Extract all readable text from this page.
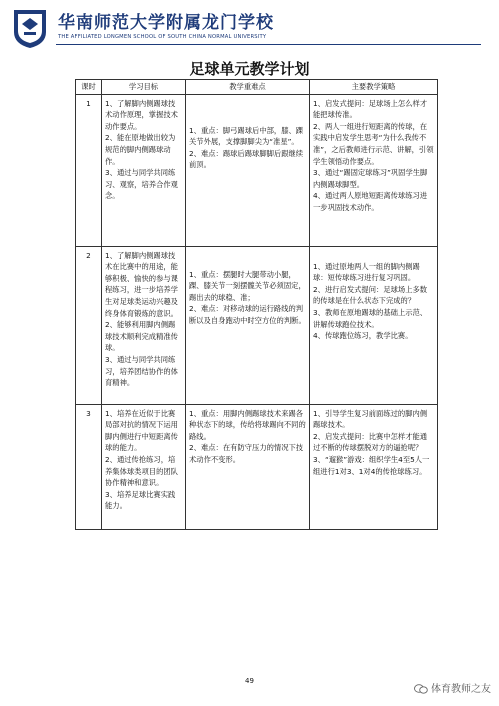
华南师范大学附属龙门学校
THE AFFILIATED LONGMEN SCHOOL OF SOUTH CHINA NORMAL UNIVERSITY
足球单元教学计划
课时	学习目标	教学重难点	主要教学策略
1	1、了解脚内侧踢球技术动作原理，掌握技术动作要点。
2、能在原地做出较为规范的脚内侧踢球动作。
3、通过与同学共同练习、观察，培养合作观念。	1、重点：脚弓踢球后中部，膝、踝关节外展，支撑脚脚尖为“准星”。
2、难点：踢球后踢球脚脚后跟继续前顶。	1、启发式提问：足球场上怎么样才能把球传准。
2、两人一组进行短距离的传球，在实践中启发学生思考“为什么我传不准”，之后教师进行示范、讲解，引领学生领悟动作要点。
3、通过“踢固定球练习”巩固学生脚内侧踢球脚型。
4、通过两人原地短距离传球练习进一步巩固技术动作。

2	1、了解脚内侧踢球技术在比赛中的用途，能够积极、愉快的参与课程练习，进一步培养学生对足球类运动兴趣及终身体育锻炼的意识。
2、能够利用脚内侧踢球技术顺利完成精准传球。
3、通过与同学共同练习，培养团结协作的体育精神。	1、重点：摆腿时大腿带动小腿，踝、膝关节一刻摆髋关节必须固定，踢出去的球稳、准；
2、难点：对移动球的运行路线的判断以及自身跑动中时空方位的判断。	1、通过原地两人一组的脚内侧踢球：短传球练习进行复习巩固。
2、进行启发式提问：足球场上多数的传球是在什么状态下完成的？
3、教师在原地踢球的基础上示范、讲解传球跑位技术。
4、传球跑位练习，教学比赛。

3	1、培养在近似于比赛局部对抗的情况下运用脚内侧进行中短距离传球的能力。
2、通过传抢练习，培养集体球类项目的团队协作精神和意识。
3、培养足球比赛实践能力。	1、重点：用脚内侧踢球技术来踢各种状态下的球，传给将球踢向不同的路线。
2、难点：在有防守压力的情况下技术动作不变形。	1、引导学生复习前面练过的脚内侧踢球技术。
2、启发式提问：比赛中怎样才能通过不断的传球摆脱对方的逼抢呢？
3、“遛猴”游戏：组织学生4至5人一组进行1对3、1对4的传抢球练习。
49
体育教师之友
